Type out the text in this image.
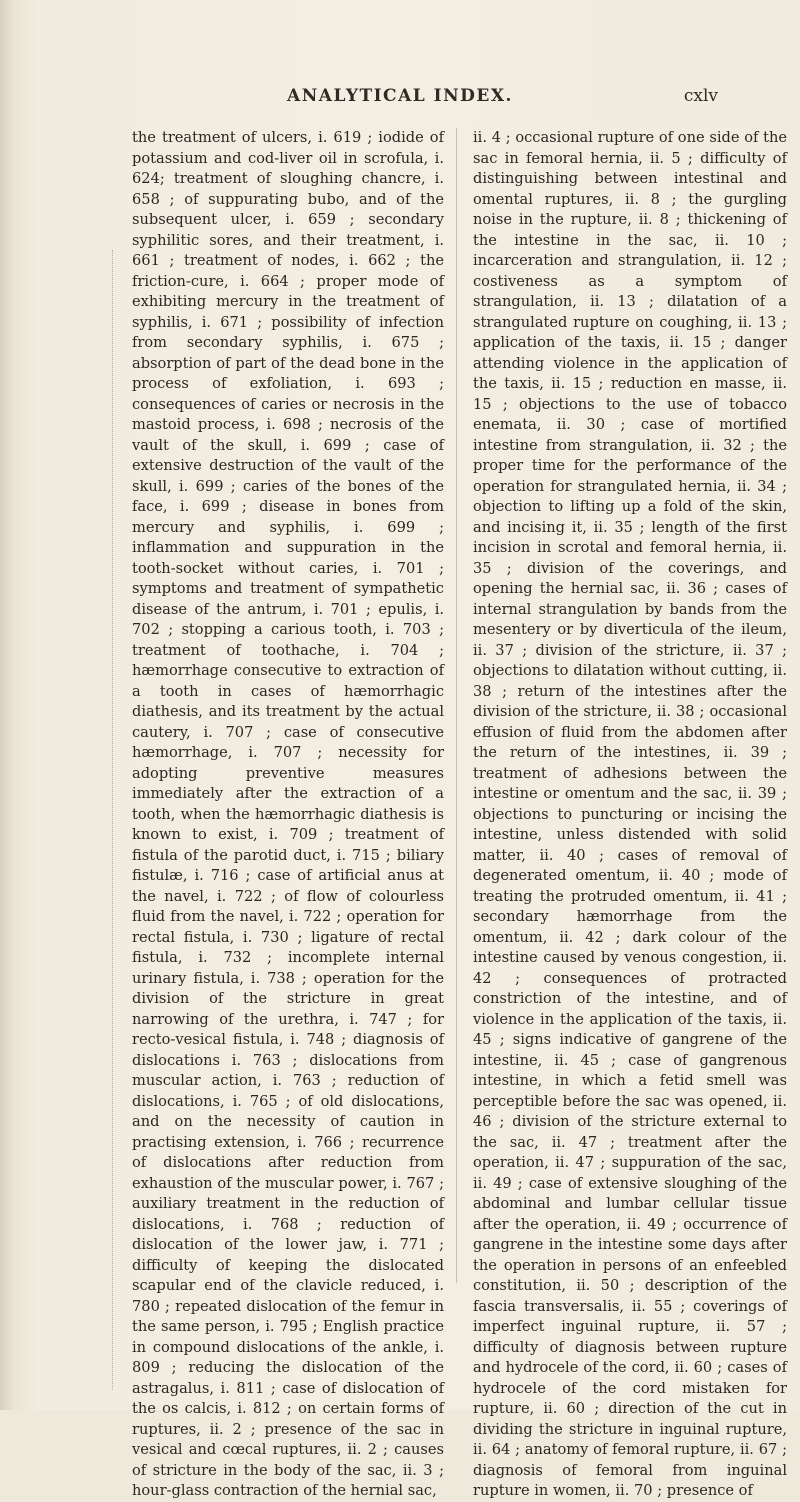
ANALYTICAL INDEX.	cxlv

the treatment of ulcers, i. 619 ; iodide of potassium and cod-liver oil in scrofula, i. 624; treatment of sloughing chancre, i. 658 ; of suppurating bubo, and of the subsequent ulcer, i. 659 ; secondary syphilitic sores, and their treatment, i. 661 ; treatment of nodes, i. 662 ; the friction-cure, i. 664 ; proper mode of exhibiting mercury in the treatment of syphilis, i. 671 ; possibility of infection from secondary syphilis, i. 675 ; absorption of part of the dead bone in the process of exfoliation, i. 693 ; consequences of caries or necrosis in the mastoid process, i. 698 ; necrosis of the vault of the skull, i. 699 ; case of extensive destruction of the vault of the skull, i. 699 ; caries of the bones of the face, i. 699 ; disease in bones from mercury and syphilis, i. 699 ; inflammation and suppuration in the tooth-socket without caries, i. 701 ; symptoms and treatment of sympathetic disease of the antrum, i. 701 ; epulis, i. 702 ; stopping a carious tooth, i. 703 ; treatment of toothache, i. 704 ; hæmorrhage consecutive to extraction of a tooth in cases of hæmorrhagic diathesis, and its treatment by the actual cautery, i. 707 ; case of consecutive hæmorrhage, i. 707 ; necessity for adopting preventive measures immediately after the extraction of a tooth, when the hæmorrhagic diathesis is known to exist, i. 709 ; treatment of fistula of the parotid duct, i. 715 ; biliary fistulæ, i. 716 ; case of artificial anus at the navel, i. 722 ; of flow of colourless fluid from the navel, i. 722 ; operation for rectal fistula, i. 730 ; ligature of rectal fistula, i. 732 ; incomplete internal urinary fistula, i. 738 ; operation for the division of the stricture in great narrowing of the urethra, i. 747 ; for recto-vesical fistula, i. 748 ; diagnosis of dislocations i. 763 ; dislocations from muscular action, i. 763 ; reduction of dislocations, i. 765 ; of old dislocations, and on the necessity of caution in practising extension, i. 766 ; recurrence of dislocations after reduction from exhaustion of the muscular power, i. 767 ; auxiliary treatment in the reduction of dislocations, i. 768 ; reduction of dislocation of the lower jaw, i. 771 ; difficulty of keeping the dislocated scapular end of the clavicle reduced, i. 780 ; repeated dislocation of the femur in the same person, i. 795 ; English practice in compound dislocations of the ankle, i. 809 ; reducing the dislocation of the astragalus, i. 811 ; case of dislocation of the os calcis, i. 812 ; on certain forms of ruptures, ii. 2 ; presence of the sac in vesical and cœcal ruptures, ii. 2 ; causes of stricture in the body of the sac, ii. 3 ; hour-glass contraction of the hernial sac,

ii. 4 ; occasional rupture of one side of the sac in femoral hernia, ii. 5 ; difficulty of distinguishing between intestinal and omental ruptures, ii. 8 ; the gurgling noise in the rupture, ii. 8 ; thickening of the intestine in the sac, ii. 10 ; incarceration and strangulation, ii. 12 ; costiveness as a symptom of strangulation, ii. 13 ; dilatation of a strangulated rupture on coughing, ii. 13 ; application of the taxis, ii. 15 ; danger attending violence in the application of the taxis, ii. 15 ; reduction en masse, ii. 15 ; objections to the use of tobacco enemata, ii. 30 ; case of mortified intestine from strangulation, ii. 32 ; the proper time for the performance of the operation for strangulated hernia, ii. 34 ; objection to lifting up a fold of the skin, and incising it, ii. 35 ; length of the first incision in scrotal and femoral hernia, ii. 35 ; division of the coverings, and opening the hernial sac, ii. 36 ; cases of internal strangulation by bands from the mesentery or by diverticula of the ileum, ii. 37 ; division of the stricture, ii. 37 ; objections to dilatation without cutting, ii. 38 ; return of the intestines after the division of the stricture, ii. 38 ; occasional effusion of fluid from the abdomen after the return of the intestines, ii. 39 ; treatment of adhesions between the intestine or omentum and the sac, ii. 39 ; objections to puncturing or incising the intestine, unless distended with solid matter, ii. 40 ; cases of removal of degenerated omentum, ii. 40 ; mode of treating the protruded omentum, ii. 41 ; secondary hæmorrhage from the omentum, ii. 42 ; dark colour of the intestine caused by venous congestion, ii. 42 ; consequences of protracted constriction of the intestine, and of violence in the application of the taxis, ii. 45 ; signs indicative of gangrene of the intestine, ii. 45 ; case of gangrenous intestine, in which a fetid smell was perceptible before the sac was opened, ii. 46 ; division of the stricture external to the sac, ii. 47 ; treatment after the operation, ii. 47 ; suppuration of the sac, ii. 49 ; case of extensive sloughing of the abdominal and lumbar cellular tissue after the operation, ii. 49 ; occurrence of gangrene in the intestine some days after the operation in persons of an enfeebled constitution, ii. 50 ; description of the fascia transversalis, ii. 55 ; coverings of imperfect inguinal rupture, ii. 57 ; difficulty of diagnosis between rupture and hydrocele of the cord, ii. 60 ; cases of hydrocele of the cord mistaken for rupture, ii. 60 ; direction of the cut in dividing the stricture in inguinal rupture, ii. 64 ; anatomy of femoral rupture, ii. 67 ; diagnosis of femoral from inguinal rupture in women, ii. 70 ; presence of
